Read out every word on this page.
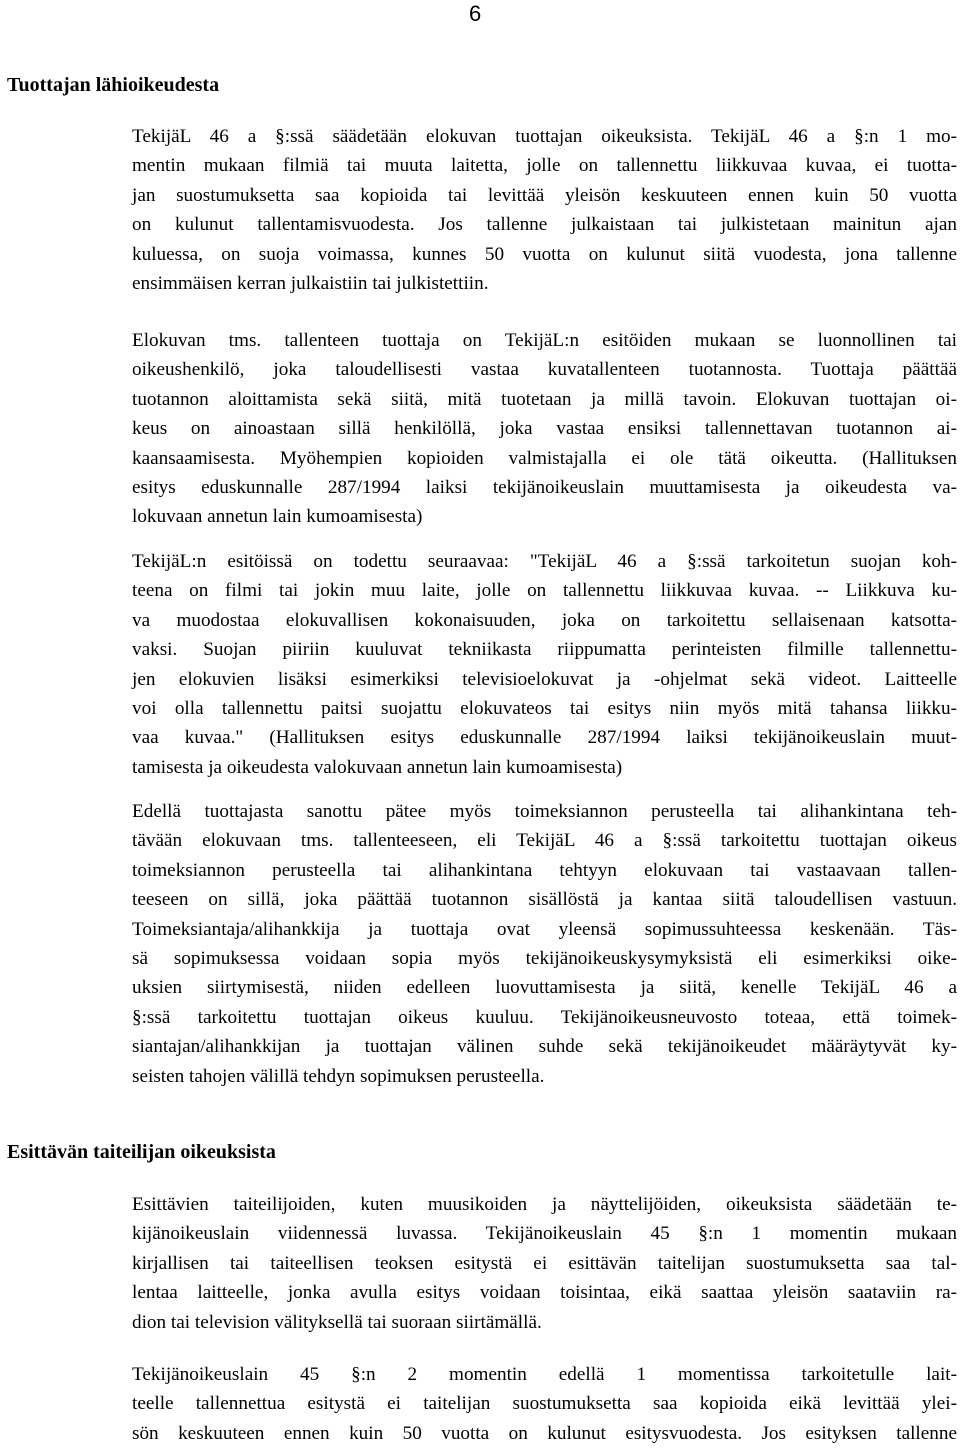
6
Tuottajan lähioikeudesta

TekijäL 46 a §:ssä säädetään elokuvan tuottajan oikeuksista. TekijäL 46 a §:n 1 mo-
mentin mukaan filmiä tai muuta laitetta, jolle on tallennettu liikkuvaa kuvaa, ei tuotta-
jan suostumuksetta saa kopioida tai levittää yleisön keskuuteen ennen kuin 50 vuotta
on kulunut tallentamisvuodesta. Jos tallenne julkaistaan tai julkistetaan mainitun ajan
kuluessa, on suoja voimassa, kunnes 50 vuotta on kulunut siitä vuodesta, jona tallenne
ensimmäisen kerran julkaistiin tai julkistettiin.

Elokuvan tms. tallenteen tuottaja on TekijäL:n esitöiden mukaan se luonnollinen tai
oikeushenkilö, joka taloudellisesti vastaa kuvatallenteen tuotannosta. Tuottaja päättää
tuotannon aloittamista sekä siitä, mitä tuotetaan ja millä tavoin. Elokuvan tuottajan oi-
keus on ainoastaan sillä henkilöllä, joka vastaa ensiksi tallennettavan tuotannon ai-
kaansaamisesta. Myöhempien kopioiden valmistajalla ei ole tätä oikeutta. (Hallituksen
esitys eduskunnalle 287/1994 laiksi tekijänoikeuslain muuttamisesta ja oikeudesta va-
lokuvaan annetun lain kumoamisesta)

TekijäL:n esitöissä on todettu seuraavaa: "TekijäL 46 a §:ssä tarkoitetun suojan koh-
teena on filmi tai jokin muu laite, jolle on tallennettu liikkuvaa kuvaa. -- Liikkuva ku-
va muodostaa elokuvallisen kokonaisuuden, joka on tarkoitettu sellaisenaan katsotta-
vaksi. Suojan piiriin kuuluvat tekniikasta riippumatta perinteisten filmille tallennettu-
jen elokuvien lisäksi esimerkiksi televisioelokuvat ja -ohjelmat sekä videot. Laitteelle
voi olla tallennettu paitsi suojattu elokuvateos tai esitys niin myös mitä tahansa liikku-
vaa kuvaa." (Hallituksen esitys eduskunnalle 287/1994 laiksi tekijänoikeuslain muut-
tamisesta ja oikeudesta valokuvaan annetun lain kumoamisesta)

Edellä tuottajasta sanottu pätee myös toimeksiannon perusteella tai alihankintana teh-
tävään elokuvaan tms. tallenteeseen, eli TekijäL 46 a §:ssä tarkoitettu tuottajan oikeus
toimeksiannon perusteella tai alihankintana tehtyyn elokuvaan tai vastaavaan tallen-
teeseen on sillä, joka päättää tuotannon sisällöstä ja kantaa siitä taloudellisen vastuun.
Toimeksiantaja/alihankkija ja tuottaja ovat yleensä sopimussuhteessa keskenään. Täs-
sä sopimuksessa voidaan sopia myös tekijänoikeuskysymyksistä eli esimerkiksi oike-
uksien siirtymisestä, niiden edelleen luovuttamisesta ja siitä, kenelle TekijäL 46 a
§:ssä tarkoitettu tuottajan oikeus kuuluu. Tekijänoikeusneuvosto toteaa, että toimek-
siantajan/alihankkijan ja tuottajan välinen suhde sekä tekijänoikeudet määräytyvät ky-
seisten tahojen välillä tehdyn sopimuksen perusteella.

Esittävän taiteilijan oikeuksista

Esittävien taiteilijoiden, kuten muusikoiden ja näyttelijöiden, oikeuksista säädetään te-
kijänoikeuslain viidennessä luvassa. Tekijänoikeuslain 45 §:n 1 momentin mukaan
kirjallisen tai taiteellisen teoksen esitystä ei esittävän taitelijan suostumuksetta saa tal-
lentaa laitteelle, jonka avulla esitys voidaan toisintaa, eikä saattaa yleisön saataviin ra-
dion tai television välityksellä tai suoraan siirtämällä.

Tekijänoikeuslain 45 §:n 2 momentin edellä 1 momentissa tarkoitetulle lait-
teelle tallennettua esitystä ei taitelijan suostumuksetta saa kopioida eikä levittää ylei-
sön keskuuteen ennen kuin 50 vuotta on kulunut esitysvuodesta. Jos esityksen tallenne
